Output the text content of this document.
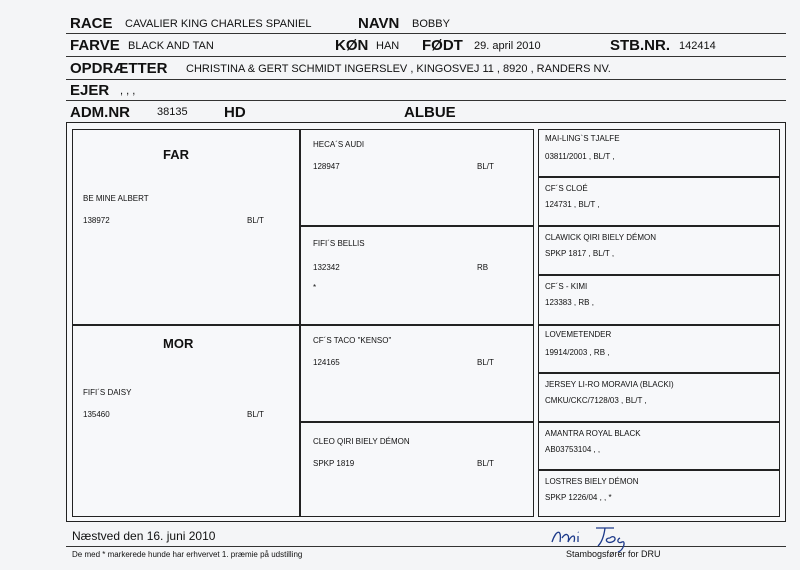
RACE CAVALIER KING CHARLES SPANIEL	NAVN BOBBY
FARVE BLACK AND TAN	KØN HAN FØDT 29. april 2010	STB.NR. 142414
OPDRÆTTER CHRISTINA & GERT SCHMIDT INGERSLEV , KINGOSVEJ 11 , 8920 , RANDERS NV.
EJER , , ,
ADM.NR 38135 HD	ALBUE
FAR
BE MINE ALBERT
138972	BL/T
MOR
FIFI´S DAISY
135460	BL/T
HECA´S AUDI
128947	BL/T
FIFI´S BELLIS
132342	RB
*
CF´S TACO "KENSO"
124165	BL/T
CLEO QIRI BIELY DÉMON
SPKP 1819	BL/T
MAI-LING`S TJALFE
03811/2001 , BL/T ,
CF´S CLOÉ
124731 , BL/T ,
CLAWICK QIRI BIELY DÉMON
SPKP 1817 , BL/T ,
CF´S - KIMI
123383 , RB ,
LOVEMETENDER
19914/2003 , RB ,
JERSEY LI-RO MORAVIA (BLACKI)
CMKU/CKC/7128/03 , BL/T ,
AMANTRA ROYAL BLACK
AB03753104 , ,
LOSTRES BIELY DÉMON
SPKP 1226/04 , , *
Næstved den 16. juni 2010
De med * markerede hunde har erhvervet 1. præmie på udstilling	Stambogsfører for DRU
